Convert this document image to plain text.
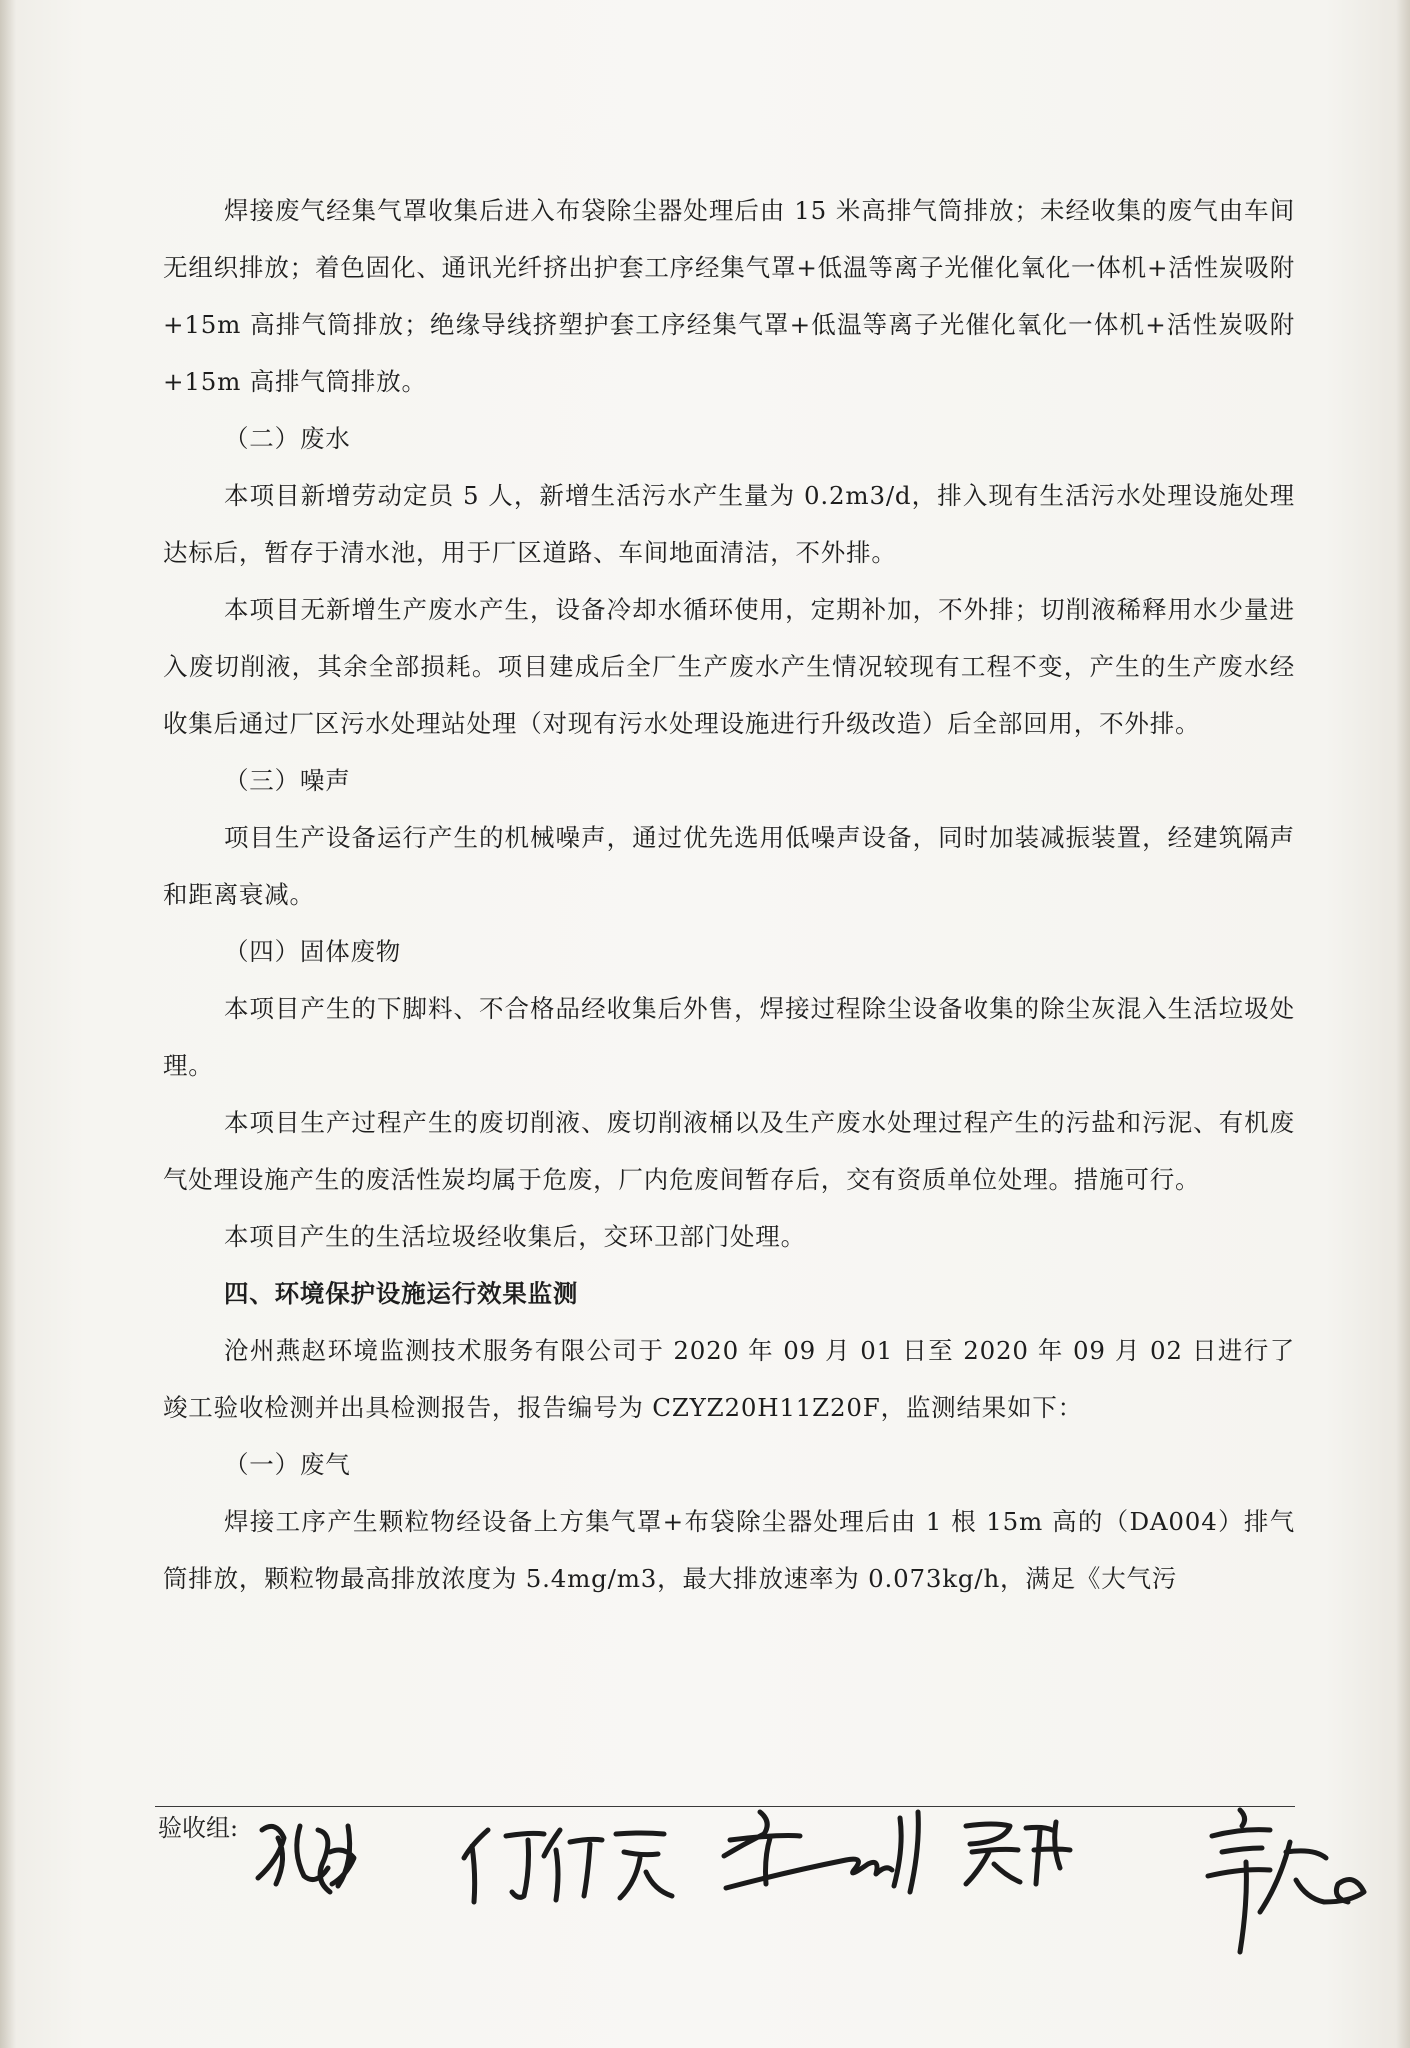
焊接废气经集气罩收集后进入布袋除尘器处理后由 15 米高排气筒排放；未经收集的废气由车间无组织排放；着色固化、通讯光纤挤出护套工序经集气罩+低温等离子光催化氧化一体机+活性炭吸附+15m 高排气筒排放；绝缘导线挤塑护套工序经集气罩+低温等离子光催化氧化一体机+活性炭吸附+15m 高排气筒排放。

（二）废水

本项目新增劳动定员 5 人，新增生活污水产生量为 0.2m3/d，排入现有生活污水处理设施处理达标后，暂存于清水池，用于厂区道路、车间地面清洁，不外排。

本项目无新增生产废水产生，设备冷却水循环使用，定期补加，不外排；切削液稀释用水少量进入废切削液，其余全部损耗。项目建成后全厂生产废水产生情况较现有工程不变，产生的生产废水经收集后通过厂区污水处理站处理（对现有污水处理设施进行升级改造）后全部回用，不外排。

（三）噪声

项目生产设备运行产生的机械噪声，通过优先选用低噪声设备，同时加装减振装置，经建筑隔声和距离衰减。

（四）固体废物

本项目产生的下脚料、不合格品经收集后外售，焊接过程除尘设备收集的除尘灰混入生活垃圾处理。

本项目生产过程产生的废切削液、废切削液桶以及生产废水处理过程产生的污盐和污泥、有机废气处理设施产生的废活性炭均属于危废，厂内危废间暂存后，交有资质单位处理。措施可行。

本项目产生的生活垃圾经收集后，交环卫部门处理。

四、环境保护设施运行效果监测

沧州燕赵环境监测技术服务有限公司于 2020 年 09 月 01 日至 2020 年 09 月 02 日进行了竣工验收检测并出具检测报告，报告编号为 CZYZ20H11Z20F，监测结果如下：

（一）废气

焊接工序产生颗粒物经设备上方集气罩+布袋除尘器处理后由 1 根 15m 高的（DA004）排气筒排放，颗粒物最高排放浓度为 5.4mg/m3，最大排放速率为 0.073kg/h，满足《大气污

验收组:
